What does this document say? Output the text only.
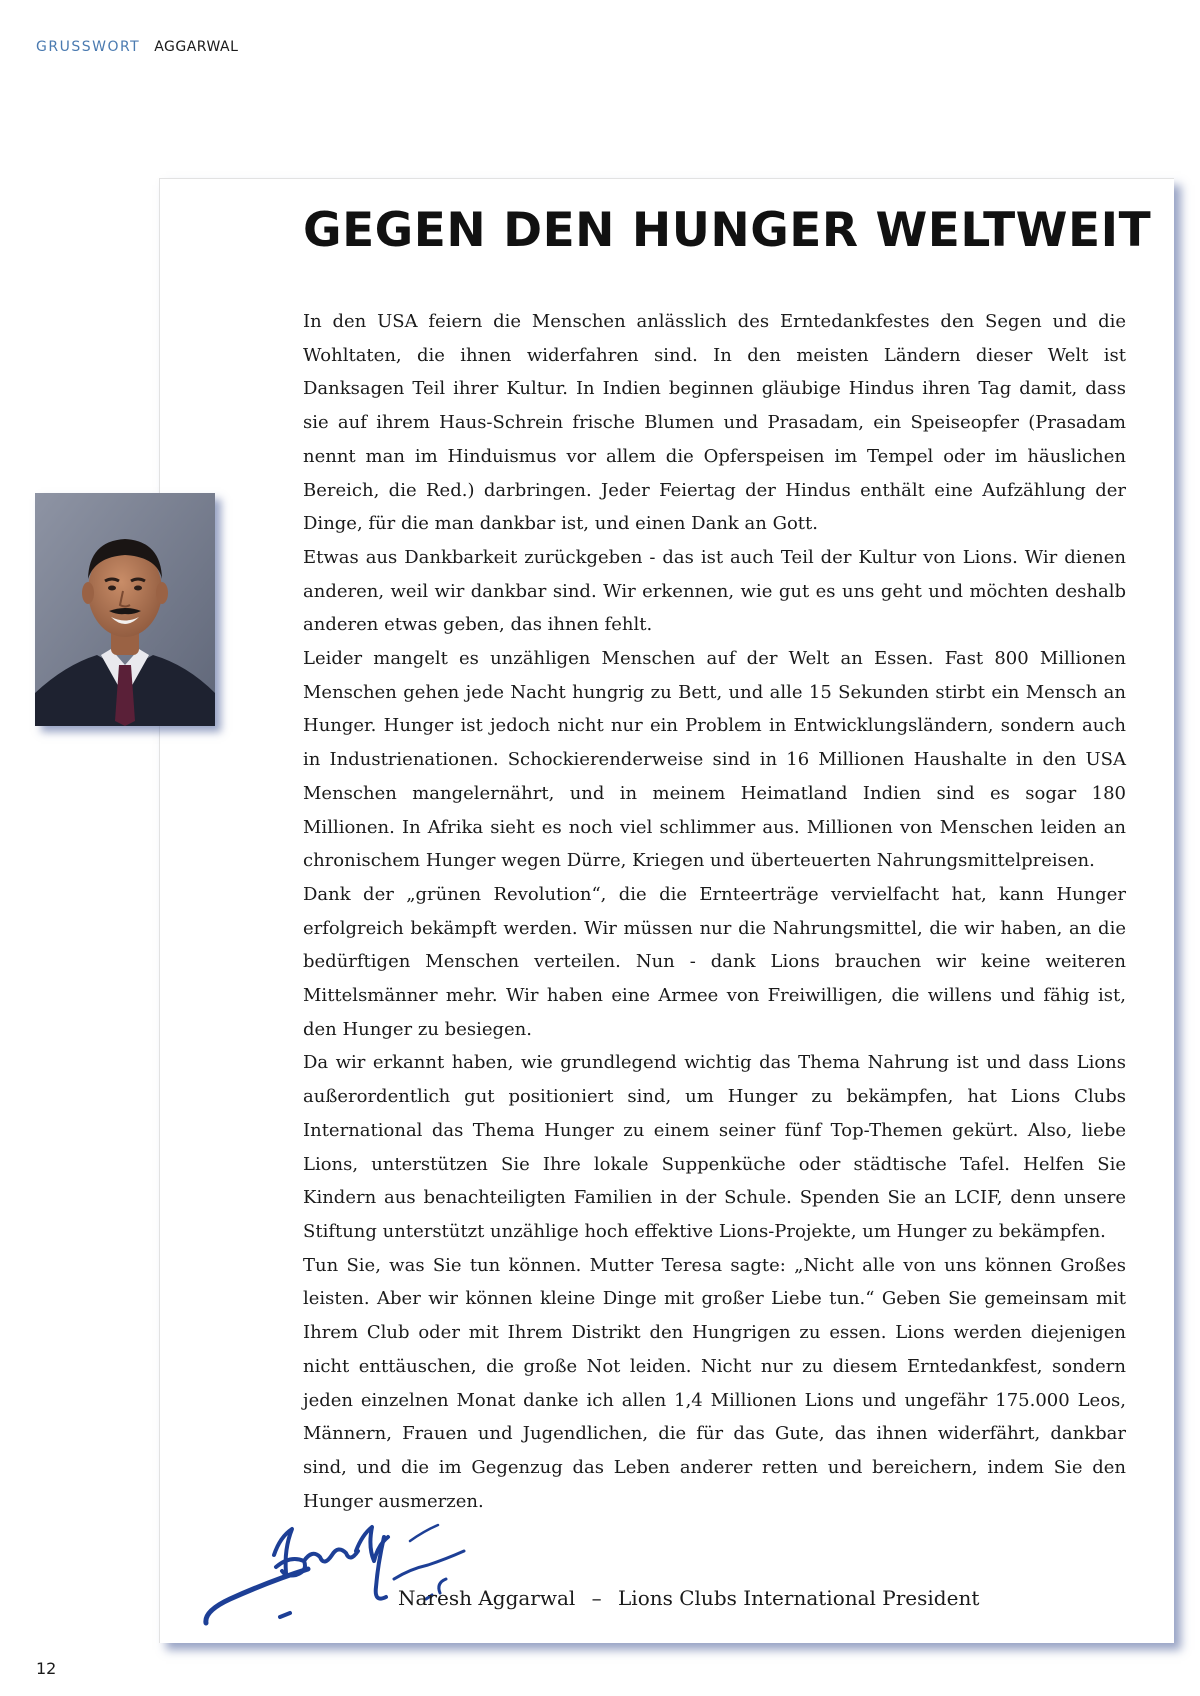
GRUSSWORT AGGARWAL
GEGEN DEN HUNGER WELTWEIT

In den USA feiern die Menschen anlässlich des Erntedankfestes den Segen und die Wohltaten, die ihnen widerfahren sind. In den meisten Ländern dieser Welt ist Danksagen Teil ihrer Kultur. In Indien beginnen gläubige Hindus ihren Tag damit, dass sie auf ihrem Haus-Schrein frische Blumen und Prasadam, ein Speiseopfer (Prasadam nennt man im Hinduismus vor allem die Opferspeisen im Tempel oder im häuslichen Bereich, die Red.) darbringen. Jeder Feiertag der Hindus enthält eine Aufzählung der Dinge, für die man dankbar ist, und einen Dank an Gott.

Etwas aus Dankbarkeit zurückgeben - das ist auch Teil der Kultur von Lions. Wir dienen anderen, weil wir dankbar sind. Wir erkennen, wie gut es uns geht und möchten deshalb anderen etwas geben, das ihnen fehlt.

Leider mangelt es unzähligen Menschen auf der Welt an Essen. Fast 800 Millionen Menschen gehen jede Nacht hungrig zu Bett, und alle 15 Sekunden stirbt ein Mensch an Hunger. Hunger ist jedoch nicht nur ein Problem in Entwicklungsländern, sondern auch in Industrienationen. Schockierenderweise sind in 16 Millionen Haushalte in den USA Menschen mangelernährt, und in meinem Heimatland Indien sind es sogar 180 Millionen. In Afrika sieht es noch viel schlimmer aus. Millionen von Menschen leiden an chronischem Hunger wegen Dürre, Kriegen und überteuerten Nahrungsmittelpreisen.

Dank der „grünen Revolution“, die die Ernteerträge vervielfacht hat, kann Hunger erfolgreich bekämpft werden. Wir müssen nur die Nahrungsmittel, die wir haben, an die bedürftigen Menschen verteilen. Nun - dank Lions brauchen wir keine weiteren Mittelsmänner mehr. Wir haben eine Armee von Freiwilligen, die willens und fähig ist, den Hunger zu besiegen.

Da wir erkannt haben, wie grundlegend wichtig das Thema Nahrung ist und dass Lions außerordentlich gut positioniert sind, um Hunger zu bekämpfen, hat Lions Clubs International das Thema Hunger zu einem seiner fünf Top-Themen gekürt. Also, liebe Lions, unterstützen Sie Ihre lokale Suppenküche oder städtische Tafel. Helfen Sie Kindern aus benachteiligten Familien in der Schule. Spenden Sie an LCIF, denn unsere Stiftung unterstützt unzählige hoch effektive Lions-Projekte, um Hunger zu bekämpfen.

Tun Sie, was Sie tun können. Mutter Teresa sagte: „Nicht alle von uns können Großes leisten. Aber wir können kleine Dinge mit großer Liebe tun.“ Geben Sie gemeinsam mit Ihrem Club oder mit Ihrem Distrikt den Hungrigen zu essen. Lions werden diejenigen nicht enttäuschen, die große Not leiden. Nicht nur zu diesem Erntedankfest, sondern jeden einzelnen Monat danke ich allen 1,4 Millionen Lions und ungefähr 175.000 Leos, Männern, Frauen und Jugendlichen, die für das Gute, das ihnen widerfährt, dankbar sind, und die im Gegenzug das Leben anderer retten und bereichern, indem Sie den Hunger ausmerzen.

Naresh Aggarwal – Lions Clubs International President
12
